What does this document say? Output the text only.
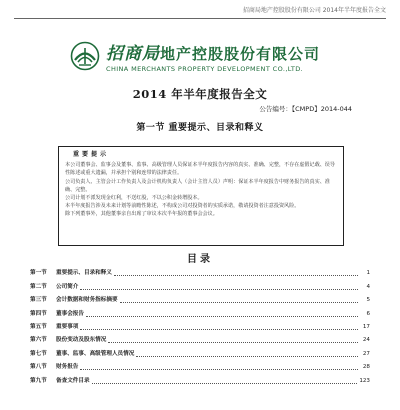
招商局地产控股股份有限公司 2014年半年度报告全文
招商局地产控股股份有限公司
CHINA MERCHANTS PROPERTY DEVELOPMENT CO.,LTD.
2014 年半年度报告全文
公告编号：【CMPD】2014-044
第一节 重要提示、目录和释义
重要提示

本公司董事会、监事会及董事、监事、高级管理人员保证本半年度报告内容的真实、准确、完整，不存在虚假记载、误导性陈述或重大遗漏，并承担个别和连带的法律责任。

公司负责人、主管会计工作负责人及会计机构负责人（会计主管人员）声明：保证本半年度报告中财务报告的真实、准确、完整。

公司计划不派发现金红利，不送红股，不以公积金转增股本。

本半年度报告涉及未来计划等前瞻性陈述，不构成公司对投资者的实质承诺，敬请投资者注意投资风险。

除下列董事外，其他董事亲自出席了审议本次半年报的董事会会议。

目录
第一节	重要提示、目录和释义	1
第二节	公司简介	4
第三节	会计数据和财务指标摘要	5
第四节	董事会报告	6
第五节	重要事项	17
第六节	股份变动及股东情况	24
第七节	董事、监事、高级管理人员情况	27
第八节	财务报告	28
第九节	备查文件目录	123
